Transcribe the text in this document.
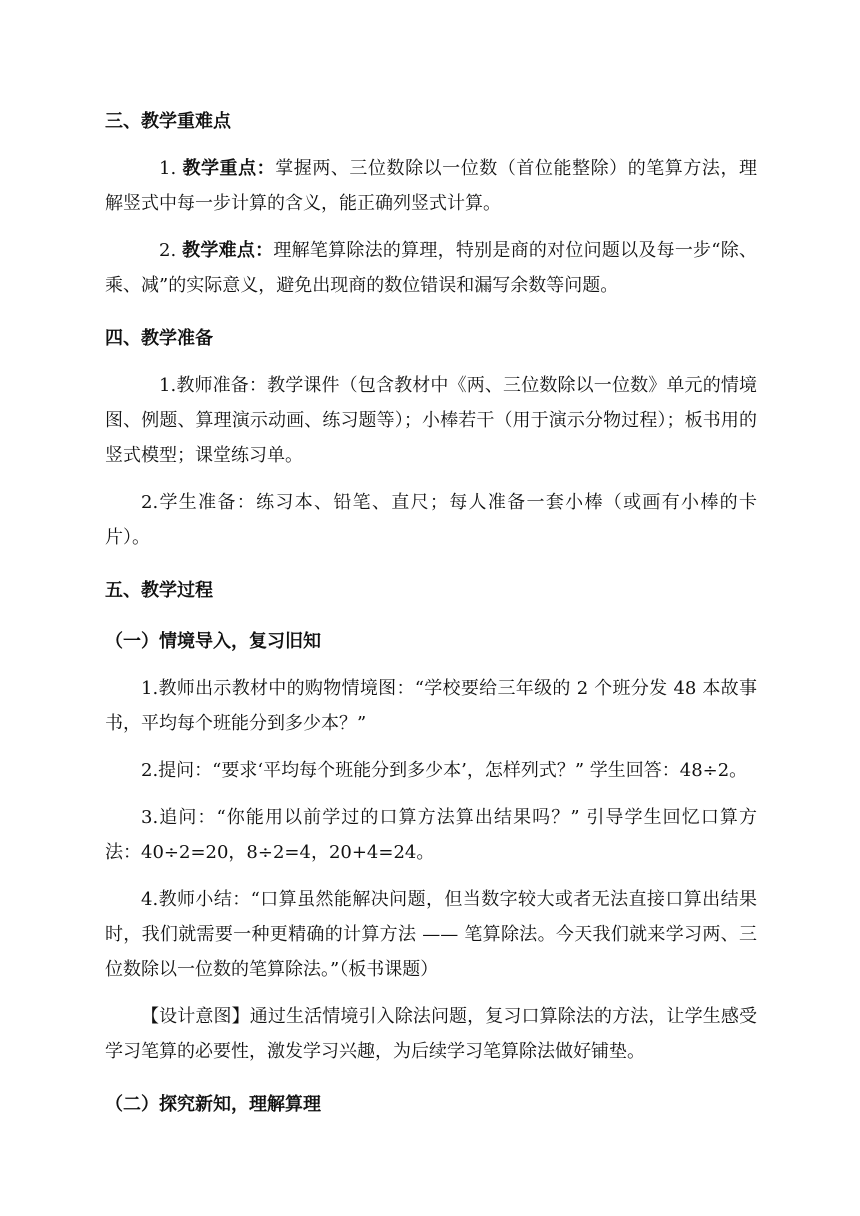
三、教学重难点
1. 教学重点：掌握两、三位数除以一位数（首位能整除）的笔算方法，理解竖式中每一步计算的含义，能正确列竖式计算。
2. 教学难点：理解笔算除法的算理，特别是商的对位问题以及每一步“除、乘、减”的实际意义，避免出现商的数位错误和漏写余数等问题。
四、教学准备
1.教师准备：教学课件（包含教材中《两、三位数除以一位数》单元的情境图、例题、算理演示动画、练习题等）；小棒若干（用于演示分物过程）；板书用的竖式模型；课堂练习单。
2.学生准备：练习本、铅笔、直尺；每人准备一套小棒（或画有小棒的卡片）。
五、教学过程
（一）情境导入，复习旧知
1.教师出示教材中的购物情境图：“学校要给三年级的 2 个班分发 48 本故事书，平均每个班能分到多少本？”
2.提问：“要求‘平均每个班能分到多少本’，怎样列式？” 学生回答：48÷2。
3.追问：“你能用以前学过的口算方法算出结果吗？” 引导学生回忆口算方法：40÷2=20，8÷2=4，20+4=24。
4.教师小结：“口算虽然能解决问题，但当数字较大或者无法直接口算出结果时，我们就需要一种更精确的计算方法 —— 笔算除法。今天我们就来学习两、三位数除以一位数的笔算除法。”（板书课题）
【设计意图】通过生活情境引入除法问题，复习口算除法的方法，让学生感受学习笔算的必要性，激发学习兴趣，为后续学习笔算除法做好铺垫。
（二）探究新知，理解算理
